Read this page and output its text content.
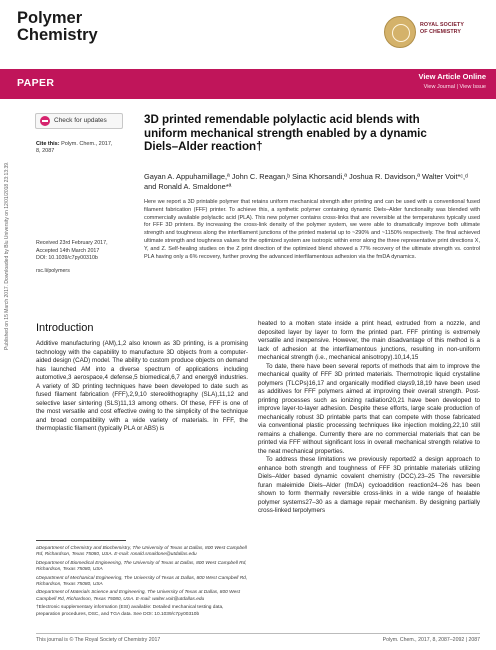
Polymer Chemistry
ROYAL SOCIETY
OF CHEMISTRY
PAPER
View Article Online
View Journal | View Issue
Check for updates
Cite this: Polym. Chem., 2017, 8, 2087
Published on 15 March 2017. Downloaded by Blu University on 12/01/2018 23:13:39.	Received 23rd February 2017,
Accepted 14th March 2017
DOI: 10.1039/c7py00310b
rsc.li/polymers
3D printed remendable polylactic acid blends with uniform mechanical strength enabled by a dynamic Diels–Alder reaction†
Gayan A. Appuhamillage,ª John C. Reagan,ᵇ Sina Khorsandi,ª Joshua R. Davidson,ª Walter Voit*ᶜ,ᵈ and Ronald A. Smaldone*ª
Here we report a 3D printable polymer that retains uniform mechanical strength after printing and can be used with a conventional fused filament fabrication (FFF) printer. To achieve this, a synthetic polymer containing dynamic Diels–Alder functionality was blended with commercially available polylactic acid (PLA). This new polymer contains cross-links that are reversible at the temperatures typically used for FFF 3D printers. By increasing the cross-link density of the polymer system, we were able to dramatically improve both ultimate strength and toughness along the interfilament junctions of the printed material up to ~290% and ~1150% respectively. The final achieved ultimate strength and toughness values for the optimized system are isotropic within error along the three representative print directions X, Y, and Z. Self-healing studies on the Z print direction of the optimized blend showed a 77% recovery of the ultimate strength vs. control PLA having only a 6% recovery, further proving the advanced interfilamentous adhesion via the fmDA dynamics.
Introduction

Additive manufacturing (AM),1,2 also known as 3D printing, is a promising technology with the capability to manufacture 3D objects from a computer-aided design (CAD) model. The ability to custom produce objects on demand has launched AM into a diverse spectrum of applications including automotive,3 aerospace,4 defense,5 biomedical,6,7 and energy8 industries. A variety of 3D printing techniques have been developed to date such as fused filament fabrication (FFF),2,9,10 stereolithography (SLA),11,12 and selective laser sintering (SLS)11,13 among others. Of these, FFF is one of the most versatile and cost effective owing to the simplicity of the technique and broad compatibility with a wide variety of materials. In FFF, the thermoplastic filament (typically PLA or ABS) is

heated to a molten state inside a print head, extruded from a nozzle, and deposited layer by layer to form the printed part. FFF printing is extremely versatile and inexpensive. However, the main disadvantage of this method is a lack of adhesion at the interfilamentous junctions, resulting in non-uniform mechanical strength (i.e., mechanical anisotropy).10,14,15

To date, there have been several reports of methods that aim to improve the mechanical quality of FFF 3D printed materials. Thermotropic liquid crystalline polymers (TLCPs)16,17 and organically modified clays9,18,19 have been used as additives for FFF polymers aimed at improving their overall strength. Post-printing processes such as ionizing radiation20,21 have been developed to improve layer-to-layer adhesion. Despite these efforts, large scale production of mechanically robust 3D printable parts that can compete with those fabricated via conventional plastic processing techniques like injection molding,22,10 still remains a challenge. Currently there are no commercial materials that can be printed via FFF without significant loss in overall mechanical strength relative to the neat mechanical properties.

To address these limitations we previously reported2 a design approach to enhance both strength and toughness of FFF 3D printable materials utilizing Diels–Alder based dynamic covalent chemistry (DCC).23–25 The reversible furan maleimide Diels–Alder (fmDA) cycloaddition reaction24–26 has been shown to form thermally reversible cross-links in a wide range of healable polymer systems27–30 as a damage repair mechanism. By designing partially cross-linked terpolymers

aDepartment of Chemistry and Biochemistry, The University of Texas at Dallas, 800 West Campbell Rd, Richardson, Texas 75080, USA. E-mail: ronald.smaldone@utdallas.edu
bDepartment of Biomedical Engineering, The University of Texas at Dallas, 800 West Campbell Rd, Richardson, Texas 75080, USA
cDepartment of Mechanical Engineering, The University of Texas at Dallas, 800 West Campbell Rd, Richardson, Texas 75080, USA
dDepartment of Materials Science and Engineering, The University of Texas at Dallas, 800 West Campbell Rd, Richardson, Texas 75080, USA. E-mail: walter.voit@utdallas.edu
†Electronic supplementary information (ESI) available: Detailed mechanical testing data, preparation procedures, DSC, and TGA data. See DOI: 10.1039/c7py00310b
This journal is © The Royal Society of Chemistry 2017	Polym. Chem., 2017, 8, 2087–2092 | 2087
